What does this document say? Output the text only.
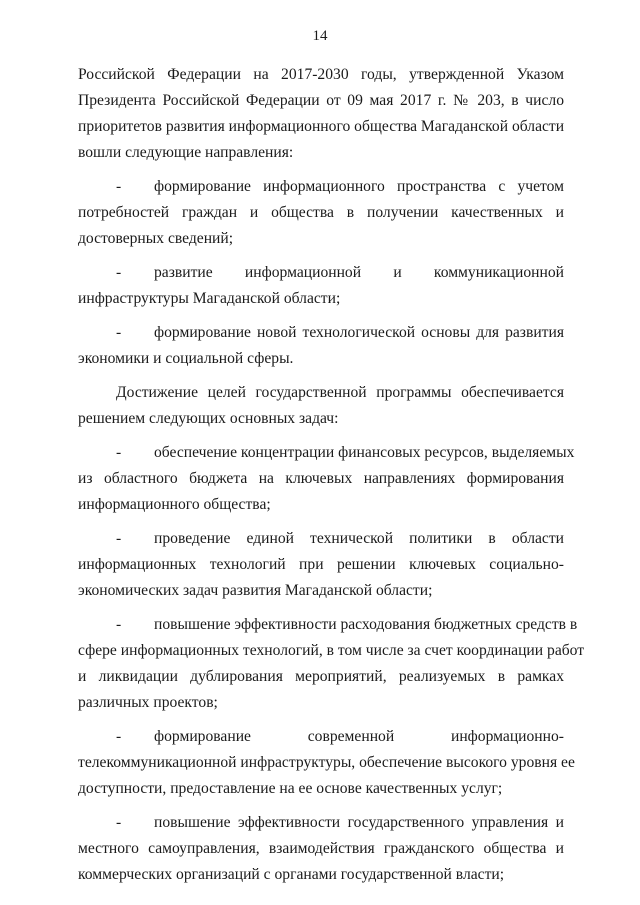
14
Российской Федерации на 2017-2030 годы, утвержденной Указом
Президента Российской Федерации от 09 мая 2017 г. № 203, в число
приоритетов развития информационного общества Магаданской области
вошли следующие направления:
-	формирование информационного пространства с учетом
потребностей граждан и общества в получении качественных и
достоверных сведений;
-	развитие информационной и коммуникационной
инфраструктуры Магаданской области;
-	формирование новой технологической основы для развития
экономики и социальной сферы.
Достижение целей государственной программы обеспечивается
решением следующих основных задач:
-	обеспечение концентрации финансовых ресурсов, выделяемых
из областного бюджета на ключевых направлениях формирования
информационного общества;
-	проведение единой технической политики в области
информационных технологий при решении ключевых социально-
экономических задач развития Магаданской области;
-	повышение эффективности расходования бюджетных средств в
сфере информационных технологий, в том числе за счет координации работ
и ликвидации дублирования мероприятий, реализуемых в рамках
различных проектов;
-	формирование современной информационно-
телекоммуникационной инфраструктуры, обеспечение высокого уровня ее
доступности, предоставление на ее основе качественных услуг;
-	повышение эффективности государственного управления и
местного самоуправления, взаимодействия гражданского общества и
коммерческих организаций с органами государственной власти;
